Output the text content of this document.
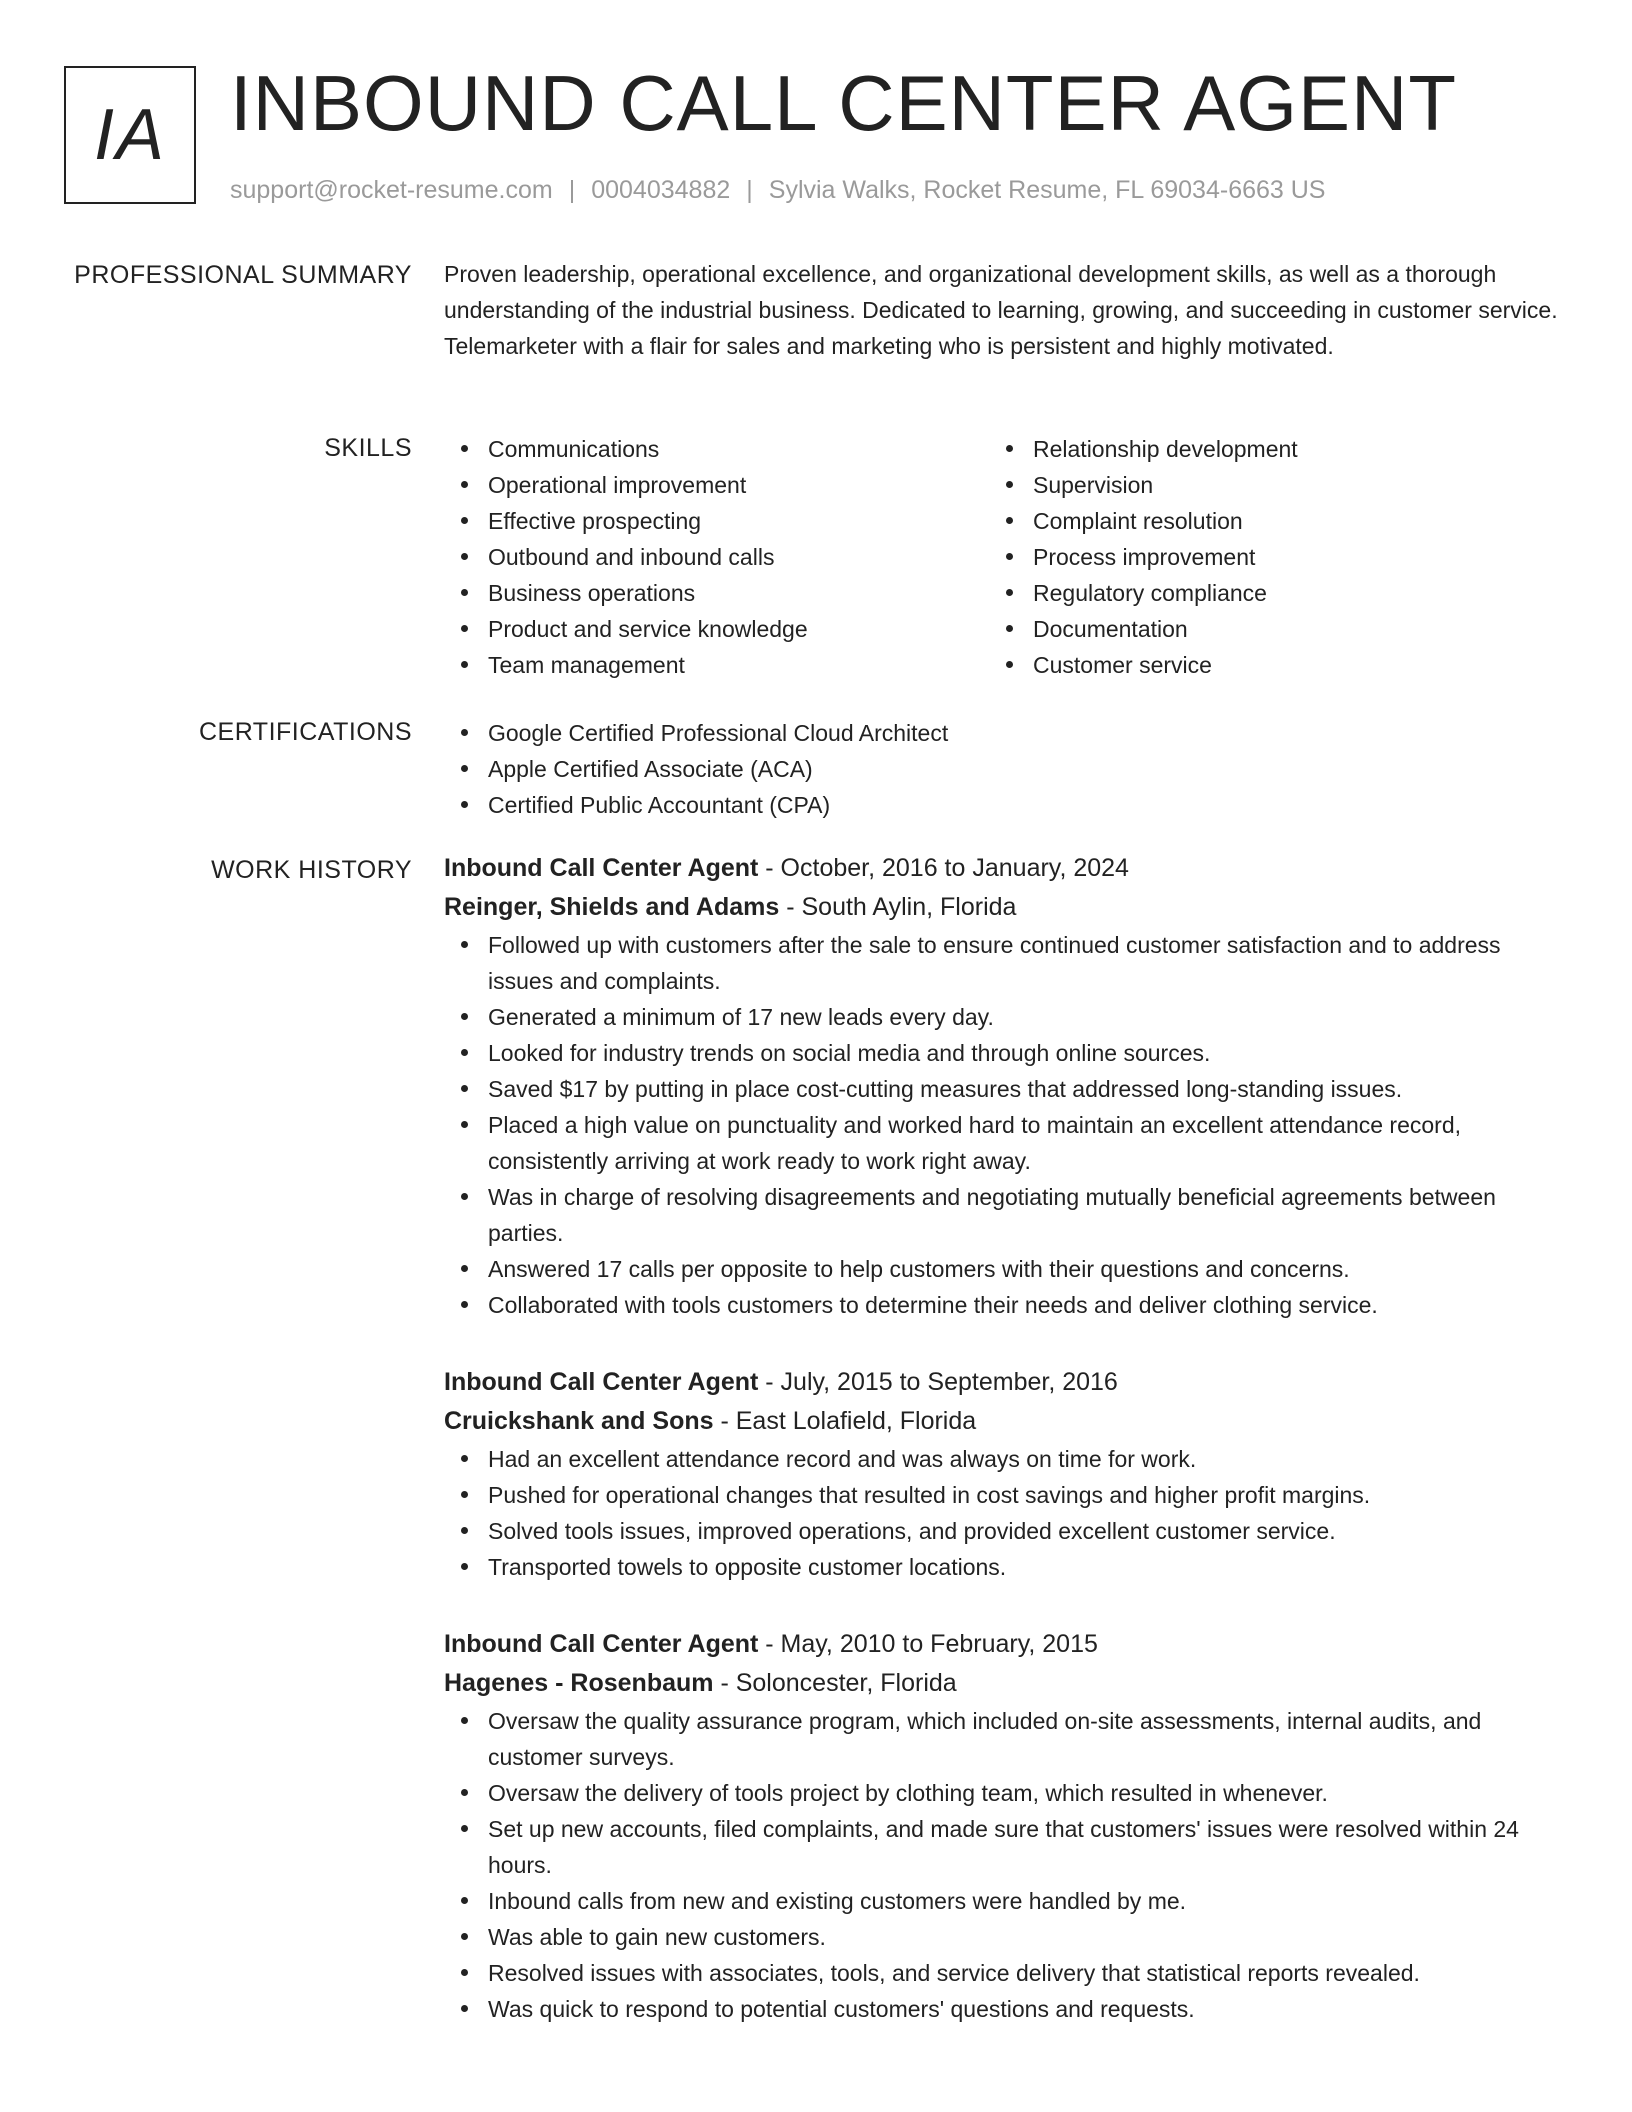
IA INBOUND CALL CENTER AGENT
support@rocket-resume.com | 0004034882 | Sylvia Walks, Rocket Resume, FL 69034-6663 US
PROFESSIONAL SUMMARY Proven leadership, operational excellence, and organizational development skills, as well as a thorough understanding of the industrial business. Dedicated to learning, growing, and succeeding in customer service. Telemarketer with a flair for sales and marketing who is persistent and highly motivated.

SKILLS	Communications
Operational improvement
Effective prospecting
Outbound and inbound calls
Business operations
Product and service knowledge
Team management
Relationship development
Supervision
Complaint resolution
Process improvement
Regulatory compliance
Documentation
Customer service
CERTIFICATIONS	Google Certified Professional Cloud Architect
Apple Certified Associate (ACA)
Certified Public Accountant (CPA)
WORK HISTORY Inbound Call Center Agent - October, 2016 to January, 2024
Reinger, Shields and Adams - South Aylin, Florida
Followed up with customers after the sale to ensure continued customer satisfaction and to address issues and complaints.
Generated a minimum of 17 new leads every day.
Looked for industry trends on social media and through online sources.
Saved $17 by putting in place cost-cutting measures that addressed long-standing issues.
Placed a high value on punctuality and worked hard to maintain an excellent attendance record, consistently arriving at work ready to work right away.
Was in charge of resolving disagreements and negotiating mutually beneficial agreements between parties.
Answered 17 calls per opposite to help customers with their questions and concerns.
Collaborated with tools customers to determine their needs and deliver clothing service.
Inbound Call Center Agent - July, 2015 to September, 2016
Cruickshank and Sons - East Lolafield, Florida
Had an excellent attendance record and was always on time for work.
Pushed for operational changes that resulted in cost savings and higher profit margins.
Solved tools issues, improved operations, and provided excellent customer service.
Transported towels to opposite customer locations.
Inbound Call Center Agent - May, 2010 to February, 2015
Hagenes - Rosenbaum - Soloncester, Florida
Oversaw the quality assurance program, which included on-site assessments, internal audits, and customer surveys.
Oversaw the delivery of tools project by clothing team, which resulted in whenever.
Set up new accounts, filed complaints, and made sure that customers' issues were resolved within 24 hours.
Inbound calls from new and existing customers were handled by me.
Was able to gain new customers.
Resolved issues with associates, tools, and service delivery that statistical reports revealed.
Was quick to respond to potential customers' questions and requests.
